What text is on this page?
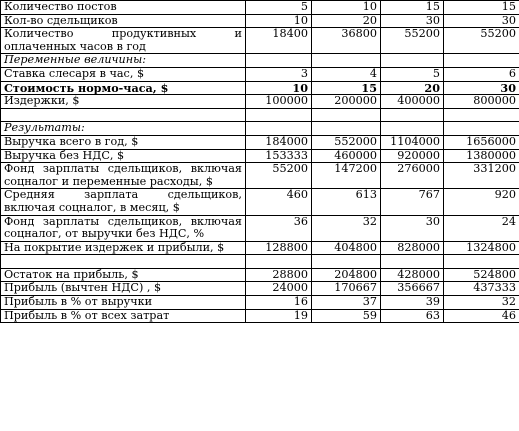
Количество постов	5	10	15	15
Кол-во сдельщиков	10	20	30	30
Количество продуктивных и оплаченных часов в год	18400	36800	55200	55200
Переменные величины:				
Ставка слесаря в час, $	3	4	5	6
Стоимость нормо-часа, $	10	15	20	30
Издержки, $	100000	200000	400000	800000

Результаты:				
Выручка всего в год, $	184000	552000	1104000	1656000
Выручка без НДС, $	153333	460000	920000	1380000
Фонд зарплаты сдельщиков, включая соцналог и переменные расходы, $	55200	147200	276000	331200
Средняя зарплата сдельщиков, включая соцналог, в месяц, $	460	613	767	920
Фонд зарплаты сдельщиков, включая соцналог, от выручки без НДС, %	36	32	30	24
На покрытие издержек и прибыли, $	128800	404800	828000	1324800

Остаток на прибыль, $	28800	204800	428000	524800
Прибыль (вычтен НДС) , $	24000	170667	356667	437333
Прибыль в % от выручки	16	37	39	32
Прибыль в % от всех затрат	19	59	63	46
